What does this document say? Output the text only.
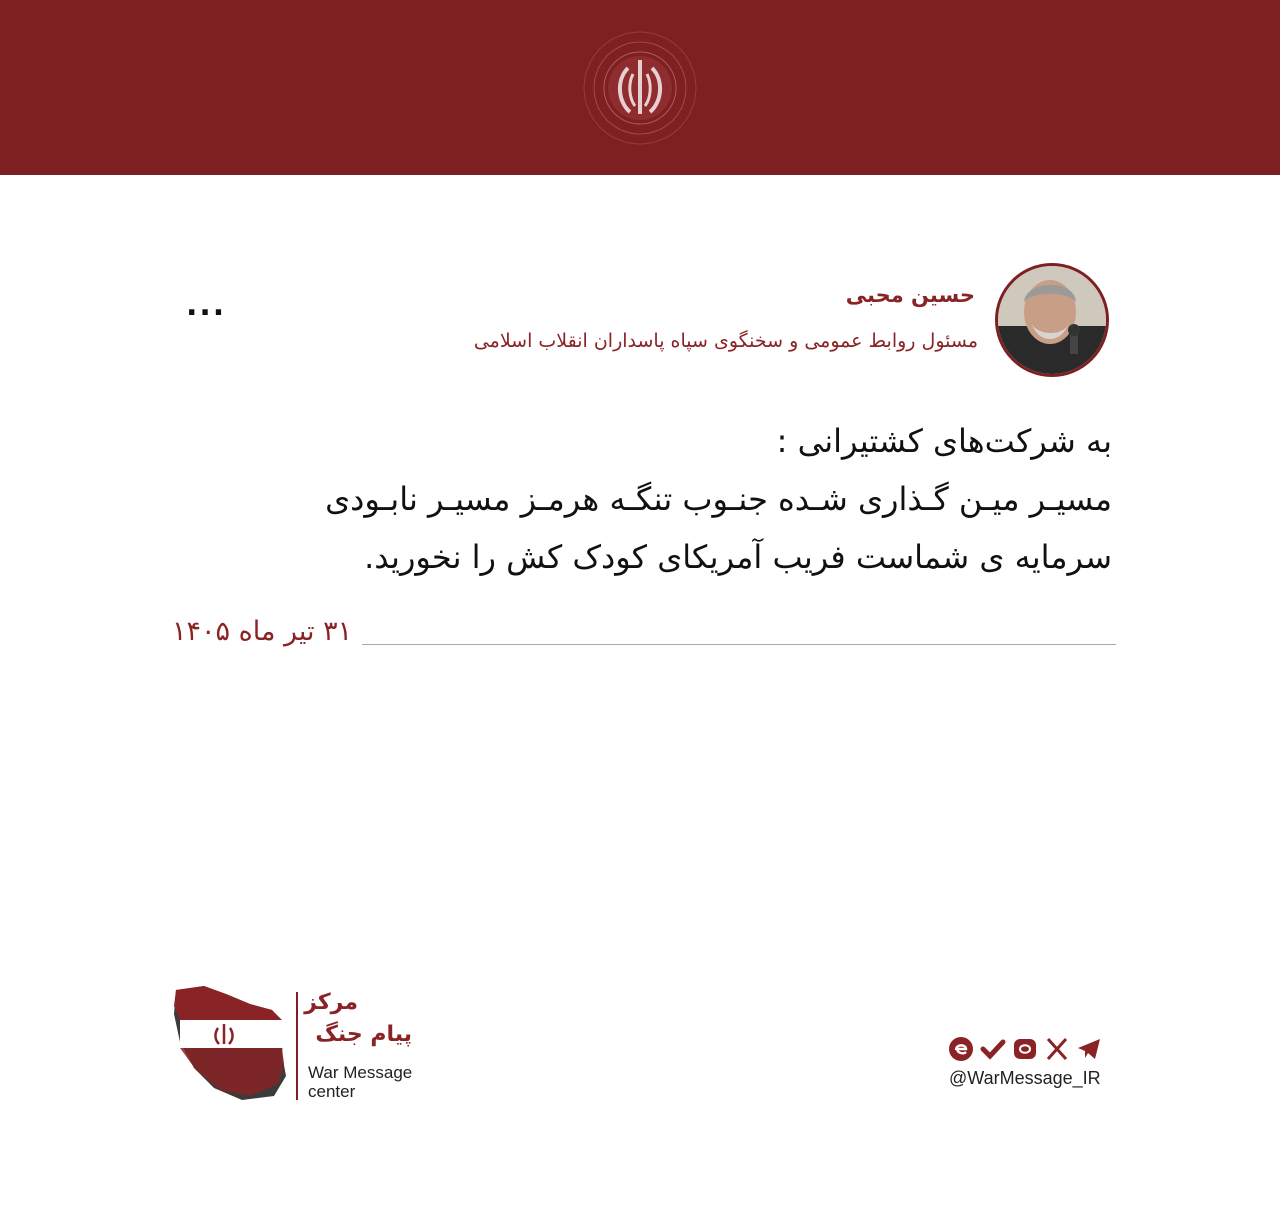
حسین محبی
مسئول روابط عمومی و سخنگوی سپاه پاسداران انقلاب اسلامی
...
به شرکت‌های کشتیرانی :
مسیـر میـن گـذاری شـده جنـوب تنگـه هرمـز مسیـر نابـودی
سرمایه ی شماست فریب آمریکای کودک کش را نخورید.
۳۱ تیر ماه ۱۴۰۵
مرکز
پیام جنگ
War Message
center
@WarMessage_IR
